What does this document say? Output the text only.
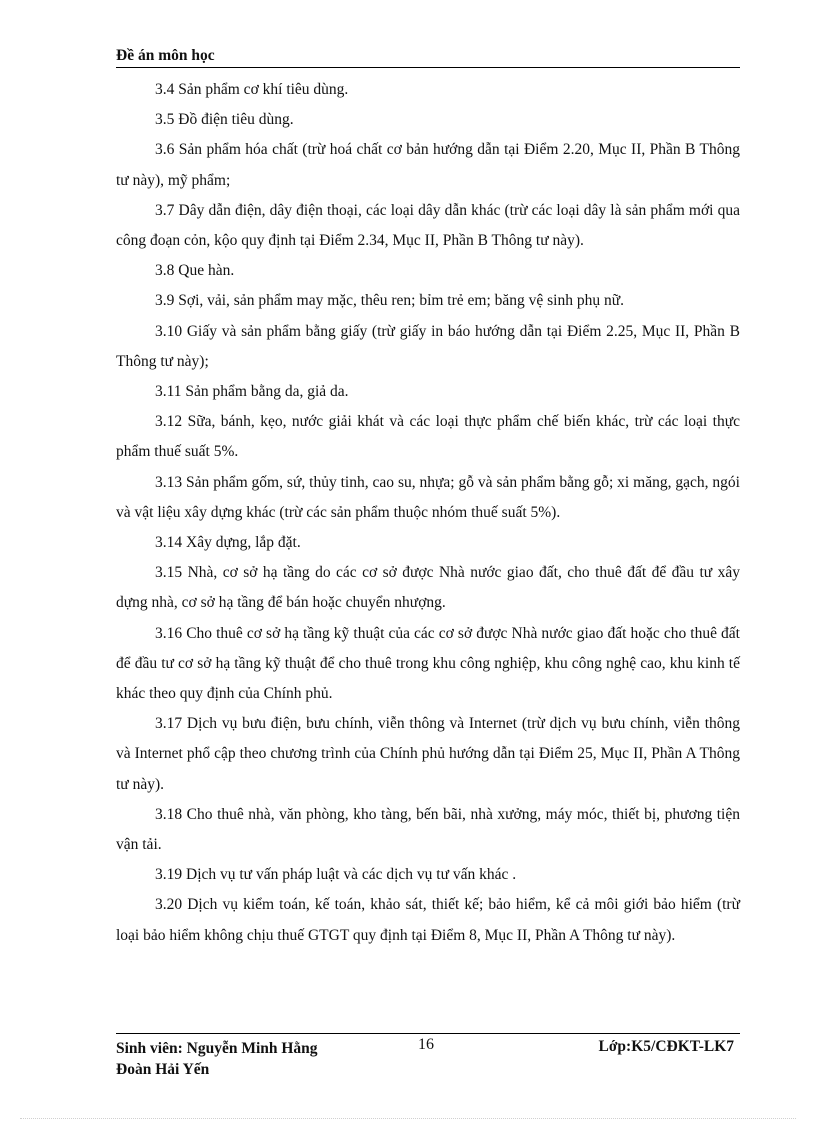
Đề án môn học

3.4 Sản phẩm cơ khí tiêu dùng.

3.5 Đồ điện tiêu dùng.

3.6 Sản phẩm hóa chất (trừ hoá chất cơ bản hướng dẫn tại Điểm 2.20, Mục II, Phần B Thông tư này), mỹ phẩm;

3.7 Dây dẫn điện, dây điện thoại, các loại dây dẫn khác (trừ các loại dây là sản phẩm mới qua công đoạn cỏn, kộo quy định tại Điểm 2.34, Mục II, Phần B Thông tư này).

3.8 Que hàn.

3.9 Sợi, vải, sản phẩm may mặc, thêu ren; bỉm trẻ em; băng vệ sinh phụ nữ.

3.10 Giấy và sản phẩm bằng giấy (trừ giấy in báo hướng dẫn tại Điểm 2.25, Mục II, Phần B Thông tư này);

3.11 Sản phẩm bằng da, giả da.

3.12 Sữa, bánh, kẹo, nước giải khát và các loại thực phẩm chế biến khác, trừ các loại thực phẩm thuế suất 5%.

3.13 Sản phẩm gốm, sứ, thủy tinh, cao su, nhựa; gỗ và sản phẩm bằng gỗ; xi măng, gạch, ngói và vật liệu xây dựng khác (trừ các sản phẩm thuộc nhóm thuế suất 5%).

3.14 Xây dựng, lắp đặt.

3.15 Nhà, cơ sở hạ tầng do các cơ sở được Nhà nước giao đất, cho thuê đất để đầu tư xây dựng nhà, cơ sở hạ tầng để bán hoặc chuyển nhượng.

3.16 Cho thuê cơ sở hạ tầng kỹ thuật của các cơ sở được Nhà nước giao đất hoặc cho thuê đất để đầu tư cơ sở hạ tầng kỹ thuật để cho thuê trong khu công nghiệp, khu công nghệ cao, khu kinh tế khác theo quy định của Chính phủ.

3.17 Dịch vụ bưu điện, bưu chính, viễn thông và Internet (trừ dịch vụ bưu chính, viễn thông và Internet phổ cập theo chương trình của Chính phủ hướng dẫn tại Điểm 25, Mục II, Phần A Thông tư này).

3.18 Cho thuê nhà, văn phòng, kho tàng, bến bãi, nhà xưởng, máy móc, thiết bị, phương tiện vận tải.

3.19 Dịch vụ tư vấn pháp luật và các dịch vụ tư vấn khác .

3.20 Dịch vụ kiểm toán, kế toán, khảo sát, thiết kế; bảo hiểm, kể cả môi giới bảo hiểm (trừ loại bảo hiểm không chịu thuế GTGT quy định tại Điểm 8, Mục II, Phần A Thông tư này).

Sinh viên: Nguyễn Minh Hằng
Đoàn Hải Yến
16	Lớp:K5/CĐKT-LK7
